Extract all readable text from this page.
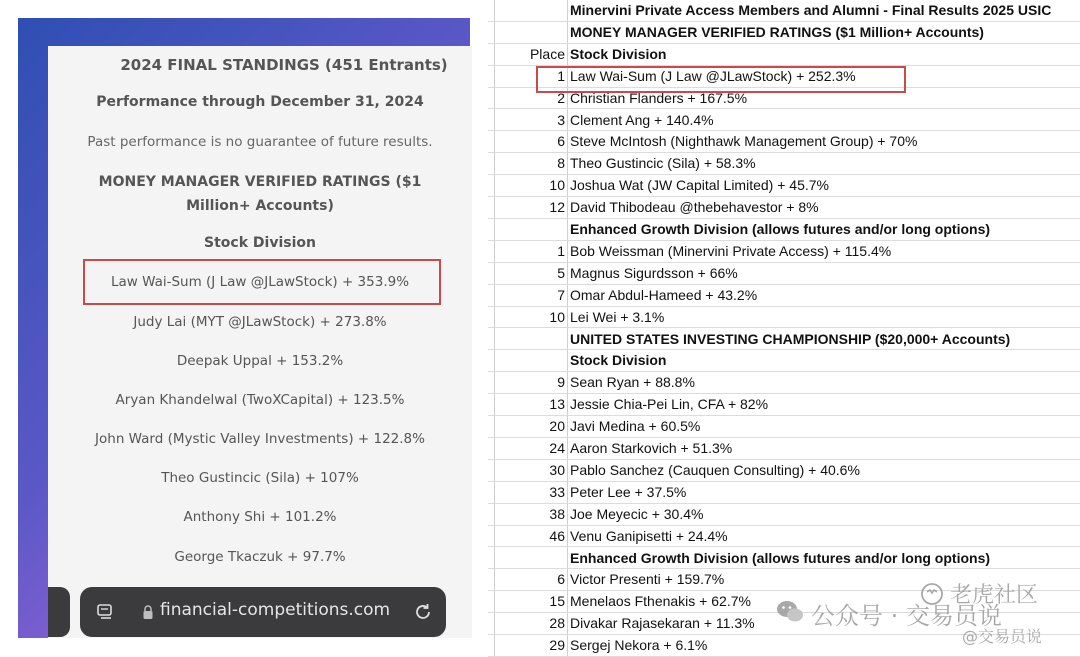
2024 FINAL STANDINGS (451 Entrants)
Performance through December 31, 2024
Past performance is no guarantee of future results.
MONEY MANAGER VERIFIED RATINGS ($1 Million+ Accounts)
Stock Division
Law Wai-Sum (J Law @JLawStock) + 353.9%
Judy Lai (MYT @JLawStock) + 273.8%
Deepak Uppal + 153.2%
Aryan Khandelwal (TwoXCapital) + 123.5%
John Ward (Mystic Valley Investments) + 122.8%
Theo Gustincic (Sila) + 107%
Anthony Shi + 101.2%
George Tkaczuk + 97.7%
financial-competitions.com
Minervini Private Access Members and Alumni - Final Results 2025 USIC
MONEY MANAGER VERIFIED RATINGS ($1 Million+ Accounts)
Place Stock Division
1 Law Wai-Sum (J Law @JLawStock) + 252.3%
2 Christian Flanders + 167.5%
3 Clement Ang + 140.4%
6 Steve McIntosh (Nighthawk Management Group) + 70%
8 Theo Gustincic (Sila) + 58.3%
10 Joshua Wat (JW Capital Limited) + 45.7%
12 David Thibodeau @thebehavestor + 8%
Enhanced Growth Division (allows futures and/or long options)
1 Bob Weissman (Minervini Private Access) + 115.4%
5 Magnus Sigurdsson + 66%
7 Omar Abdul-Hameed + 43.2%
10 Lei Wei + 3.1%
UNITED STATES INVESTING CHAMPIONSHIP ($20,000+ Accounts)
Stock Division
9 Sean Ryan + 88.8%
13 Jessie Chia-Pei Lin, CFA + 82%
20 Javi Medina + 60.5%
24 Aaron Starkovich + 51.3%
30 Pablo Sanchez (Cauquen Consulting) + 40.6%
33 Peter Lee + 37.5%
38 Joe Meyecic + 30.4%
46 Venu Ganipisetti + 24.4%
Enhanced Growth Division (allows futures and/or long options)
6 Victor Presenti + 159.7%
15 Menelaos Fthenakis + 62.7%
28 Divakar Rajasekaran + 11.3%
29 Sergej Nekora + 6.1%
老虎社区
公众号 · 交易员说
@交易员说
